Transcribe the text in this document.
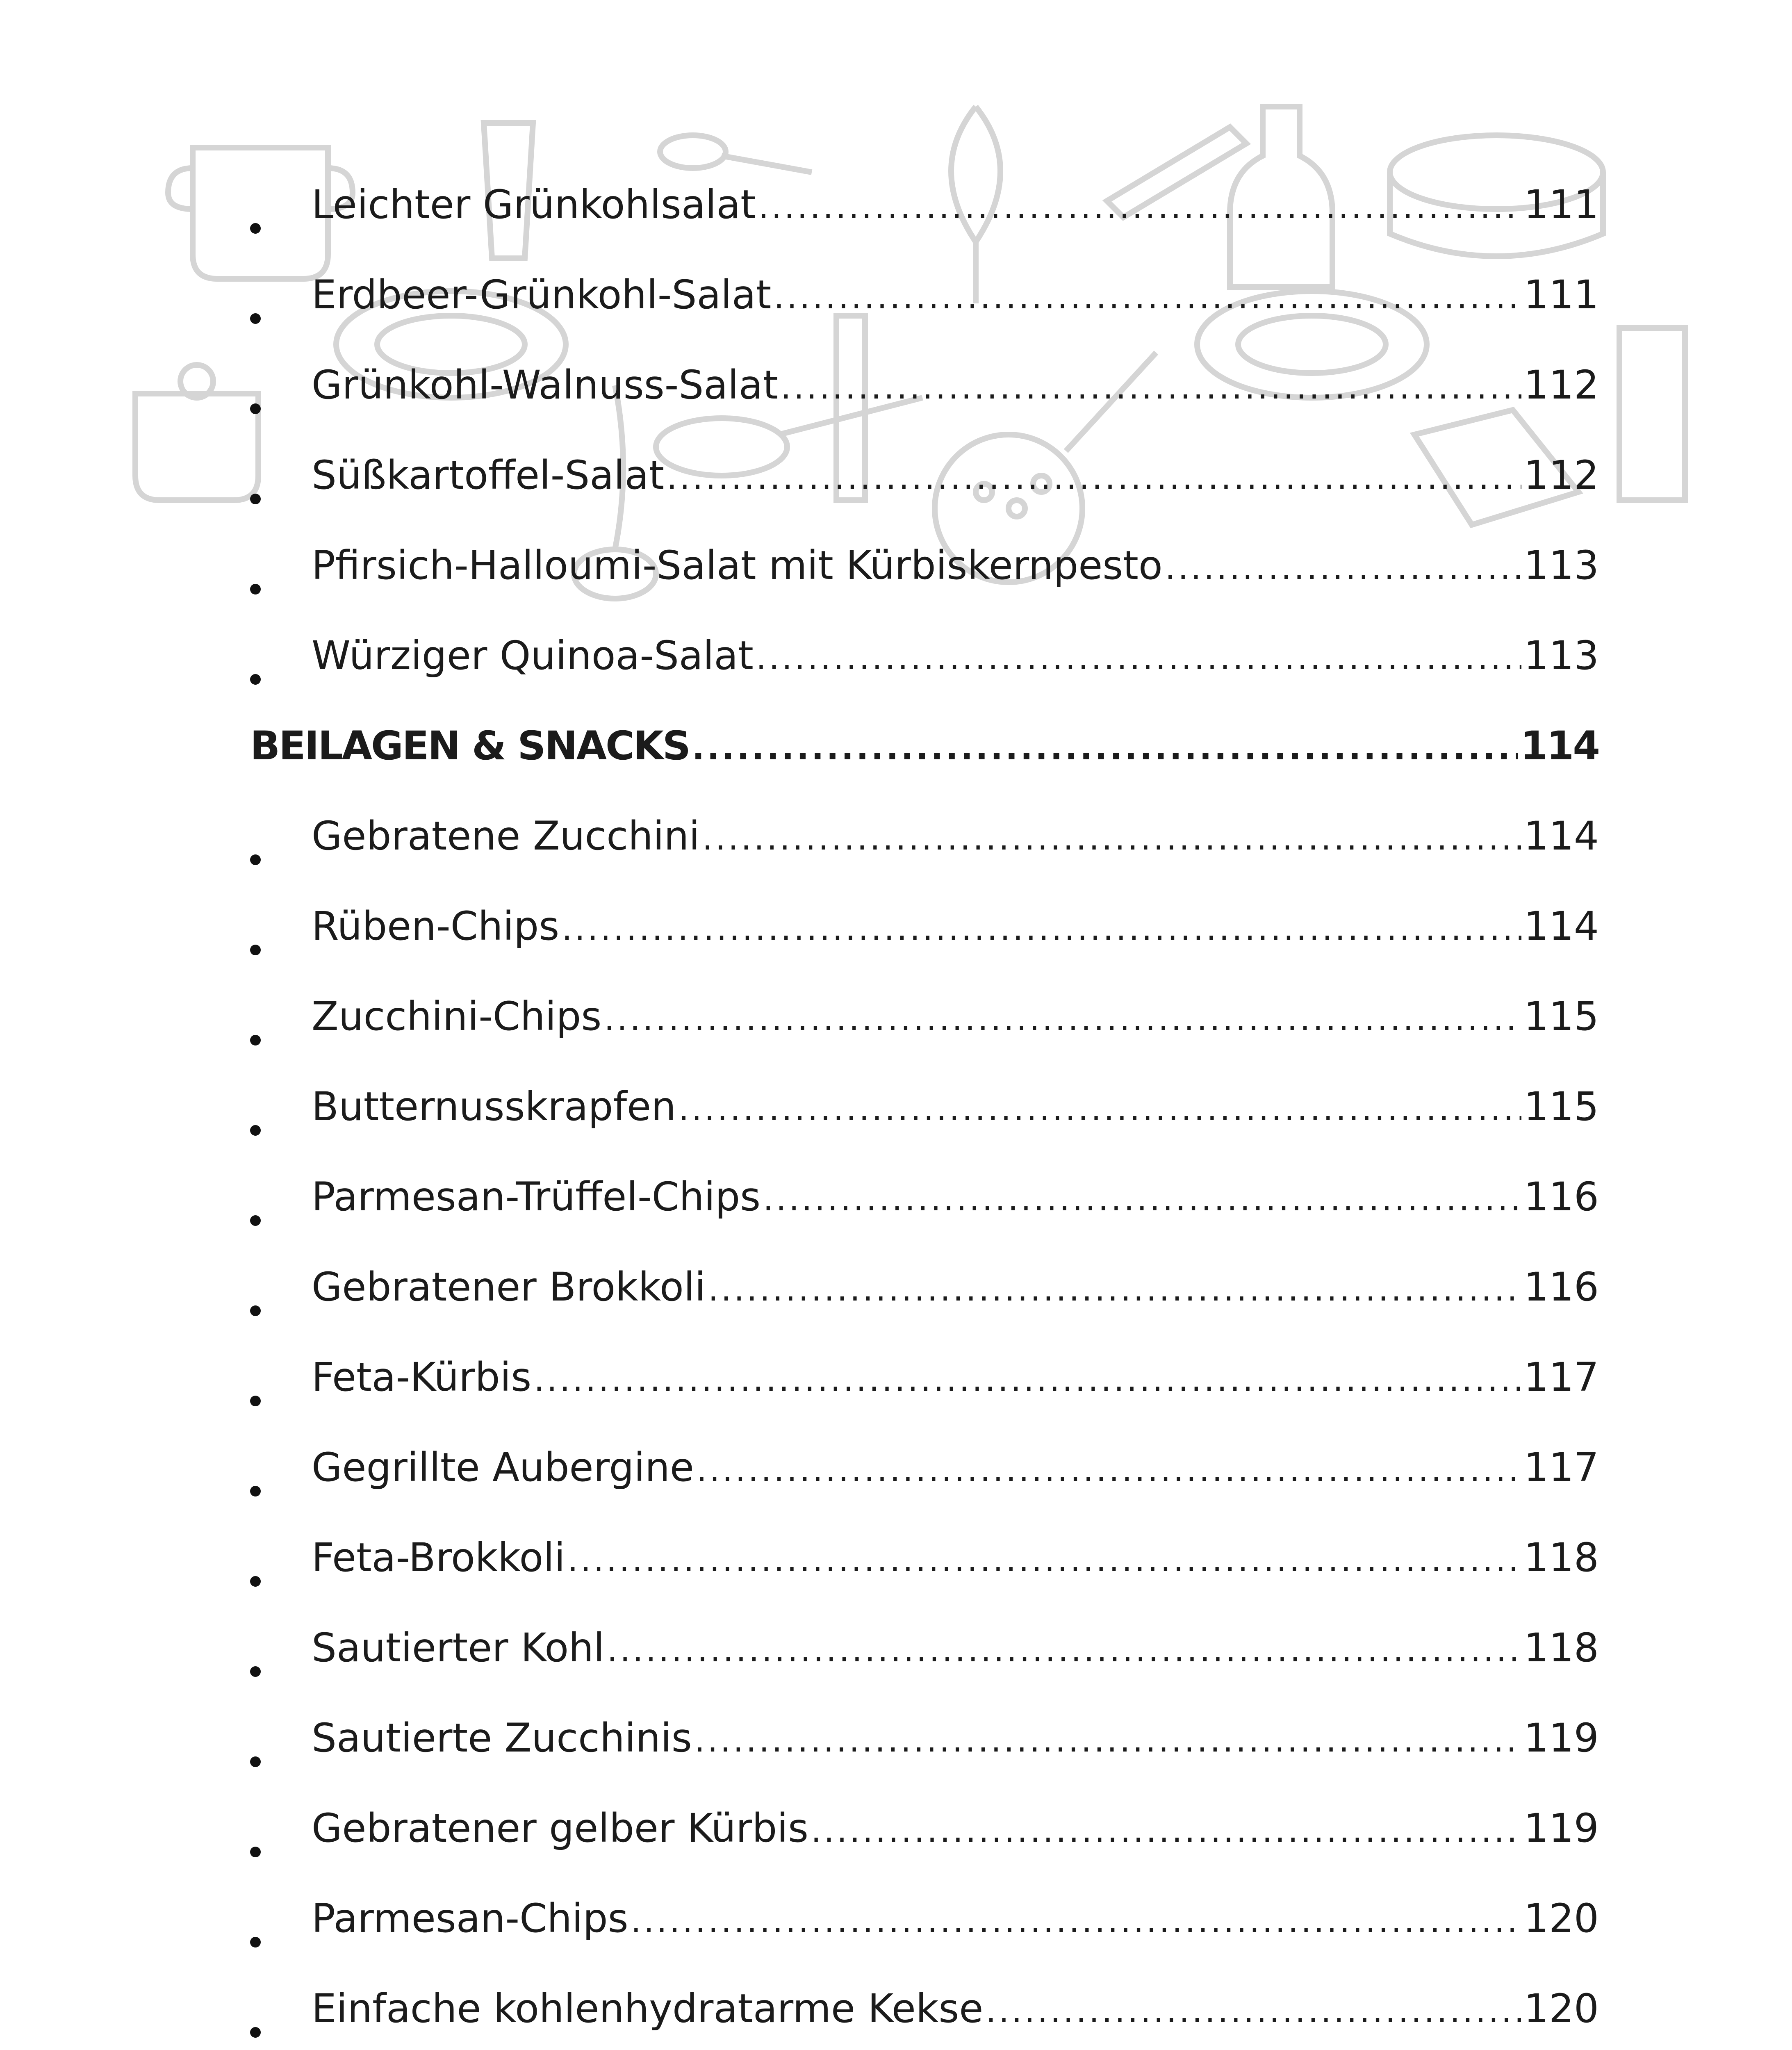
Leichter Grünkohlsalat .....	111
Erdbeer-Grünkohl-Salat .....	111
Grünkohl-Walnuss-Salat .....	112
Süßkartoffel-Salat .....	112
Pfirsich-Halloumi-Salat mit Kürbiskernpesto .....	113
Würziger Quinoa-Salat .....	113
BEILAGEN & SNACKS .....	114
Gebratene Zucchini .....	114
Rüben-Chips .....	114
Zucchini-Chips .....	115
Butternusskrapfen .....	115
Parmesan-Trüffel-Chips .....	116
Gebratener Brokkoli .....	116
Feta-Kürbis .....	117
Gegrillte Aubergine .....	117
Feta-Brokkoli .....	118
Sautierter Kohl .....	118
Sautierte Zucchinis .....	119
Gebratener gelber Kürbis .....	119
Parmesan-Chips .....	120
Einfache kohlenhydratarme Kekse .....	120
